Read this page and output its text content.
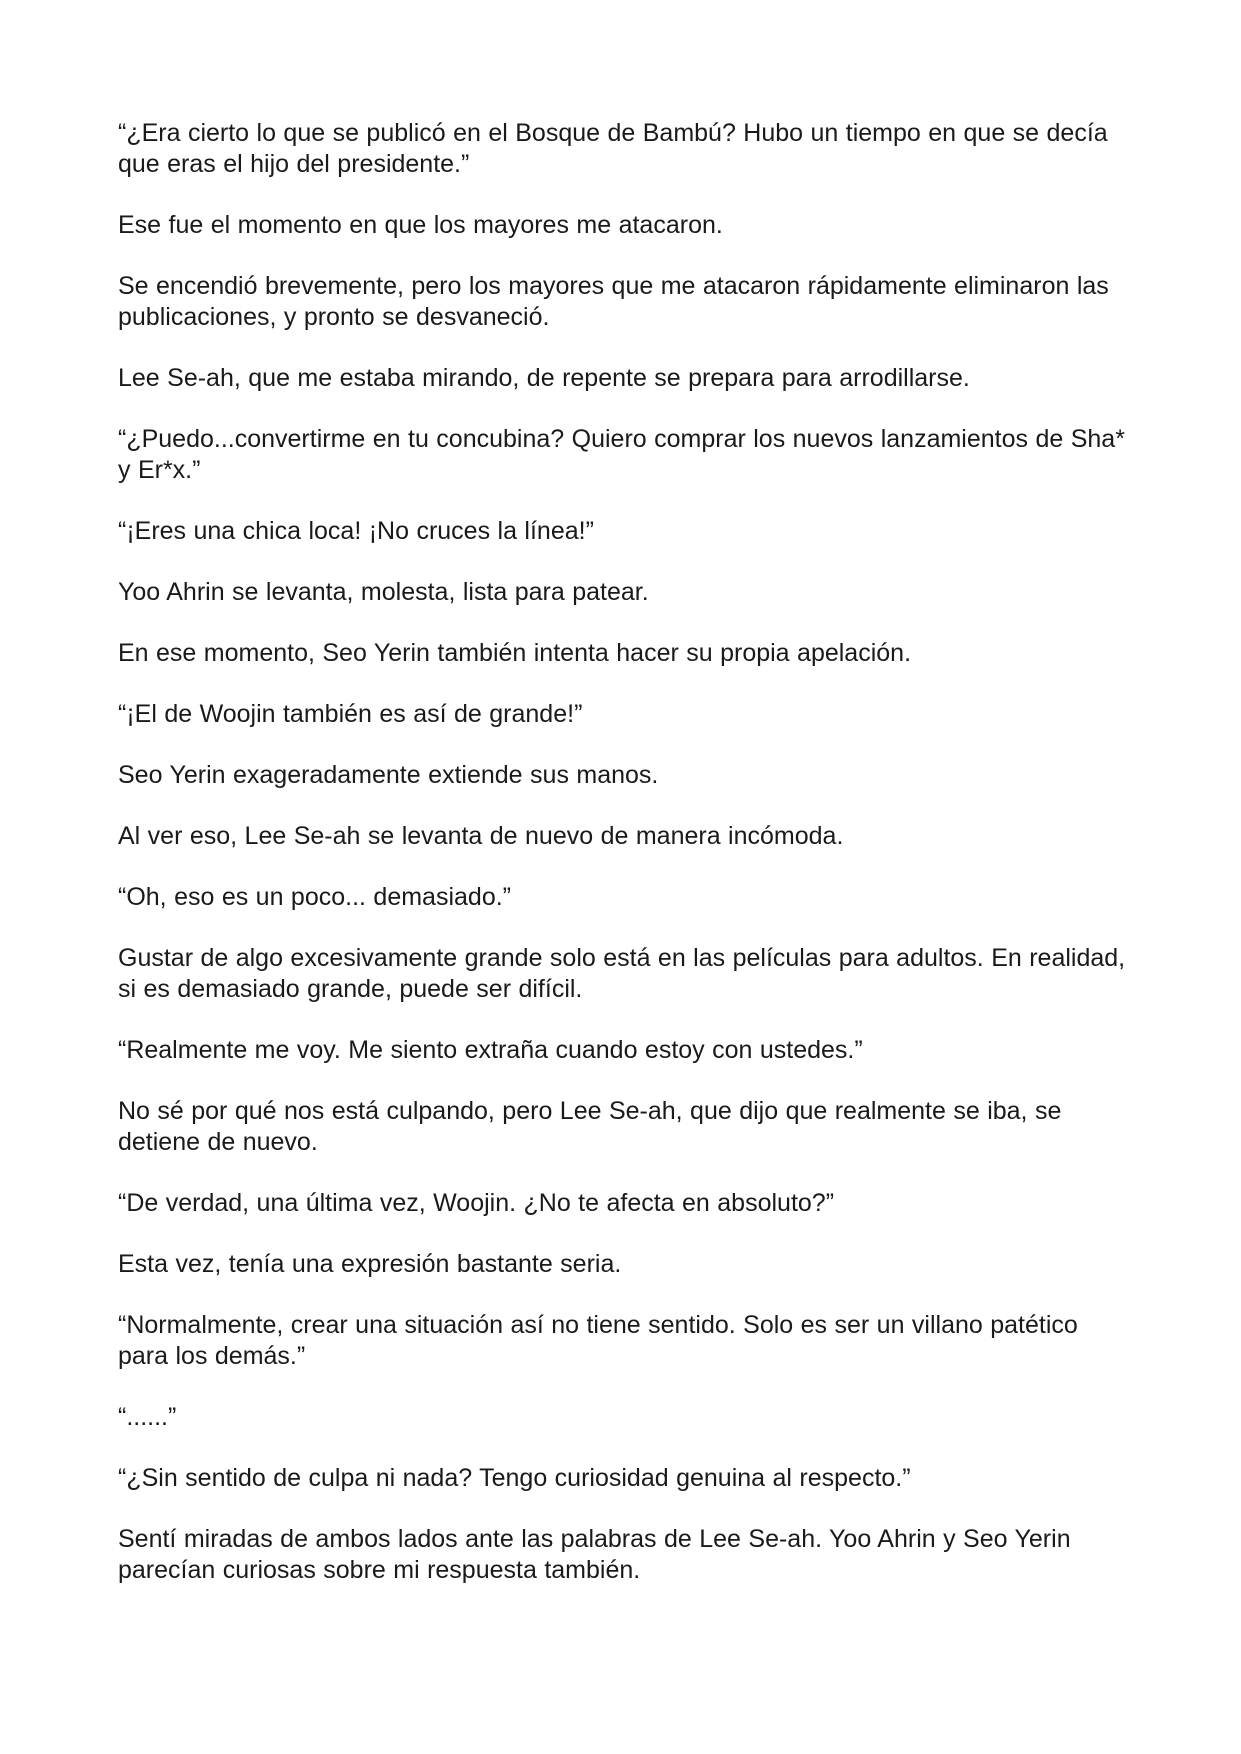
“¿Era cierto lo que se publicó en el Bosque de Bambú? Hubo un tiempo en que se decía que eras el hijo del presidente.”

Ese fue el momento en que los mayores me atacaron.

Se encendió brevemente, pero los mayores que me atacaron rápidamente eliminaron las publicaciones, y pronto se desvaneció.

Lee Se-ah, que me estaba mirando, de repente se prepara para arrodillarse.

“¿Puedo...convertirme en tu concubina? Quiero comprar los nuevos lanzamientos de Sha* y Er*x.”

“¡Eres una chica loca! ¡No cruces la línea!”

Yoo Ahrin se levanta, molesta, lista para patear.

En ese momento, Seo Yerin también intenta hacer su propia apelación.

“¡El de Woojin también es así de grande!”

Seo Yerin exageradamente extiende sus manos.

Al ver eso, Lee Se-ah se levanta de nuevo de manera incómoda.

“Oh, eso es un poco... demasiado.”

Gustar de algo excesivamente grande solo está en las películas para adultos. En realidad, si es demasiado grande, puede ser difícil.

“Realmente me voy. Me siento extraña cuando estoy con ustedes.”

No sé por qué nos está culpando, pero Lee Se-ah, que dijo que realmente se iba, se detiene de nuevo.

“De verdad, una última vez, Woojin. ¿No te afecta en absoluto?”

Esta vez, tenía una expresión bastante seria.

“Normalmente, crear una situación así no tiene sentido. Solo es ser un villano patético para los demás.”

“......”

“¿Sin sentido de culpa ni nada? Tengo curiosidad genuina al respecto.”

Sentí miradas de ambos lados ante las palabras de Lee Se-ah. Yoo Ahrin y Seo Yerin parecían curiosas sobre mi respuesta también.
